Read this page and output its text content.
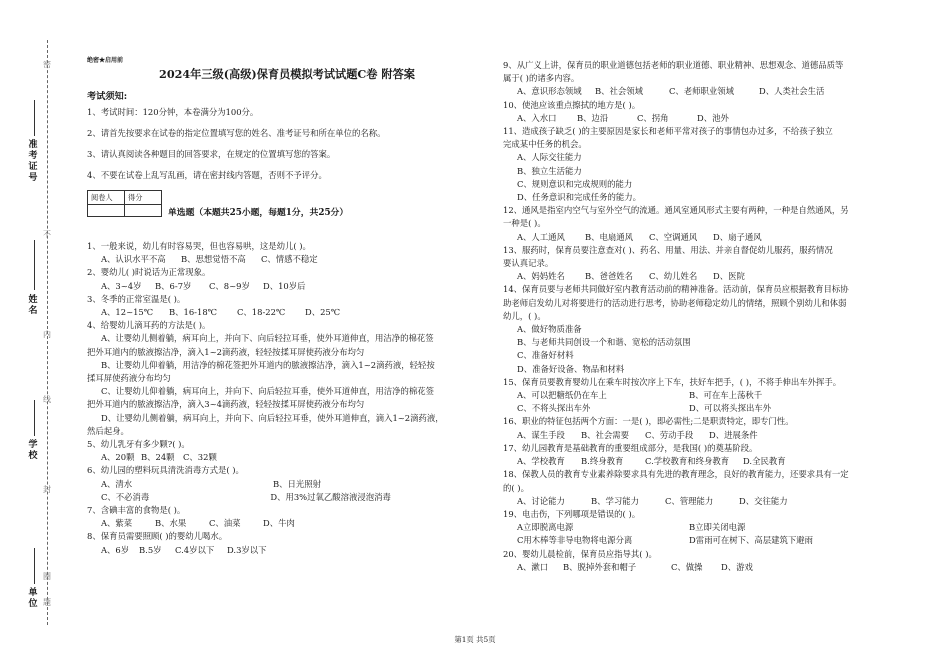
准考证号
姓名
学校
单位
密
不
内
线
封
题
圈
绝密★启用前
2024年三级(高级)保育员模拟考试试题C卷 附答案
考试须知:

1、考试时间：120分钟，本卷满分为100分。

2、请首先按要求在试卷的指定位置填写您的姓名、准考证号和所在单位的名称。

3、请认真阅读各种题目的回答要求，在规定的位置填写您的答案。

4、不要在试卷上乱写乱画，请在密封线内答题，否则不予评分。

阅卷人	得分

单选题（本题共25小题，每题1分，共25分）

1、一般来说，幼儿有时容易哭，但也容易哄，这是幼儿( )。

A、认识水平不高	B、思想觉悟不高	C、情感不稳定

2、婴幼儿( )时说话为正常现象。

A、3~4岁	B、6-7岁	C、8~9岁	D、10岁后

3、冬季的正常室温是( )。

A、12~15℃	B、16-18℃	C、18-22℃	D、25℃

4、给婴幼儿滴耳药的方法是( )。

A、让婴幼儿侧着躺，病耳向上，并向下、向后轻拉耳垂，使外耳道伸直，用洁净的棉花签

把外耳道内的脓液擦洁净，滴入1~2滴药液，轻轻按揉耳屏使药液分布均匀

B、让婴幼儿仰着躺，用洁净的棉花签把外耳道内的脓液擦洁净，滴入1~2滴药液，轻轻按

揉耳屏使药液分布均匀

C、让婴幼儿仰着躺，病耳向上，并向下、向后轻拉耳垂，使外耳道伸直，用洁净的棉花签

把外耳道内的脓液擦洁净，滴入3~4滴药液，轻轻按揉耳屏使药液分布均匀

D、让婴幼儿侧着躺，病耳向上，并向下、向后轻拉耳垂，使外耳道伸直，滴入1~2滴药液，

然后起身。

5、幼儿乳牙有多少颗?( )。

A、20颗 B、24颗	C、32颗

6、幼儿园的塑料玩具清洗消毒方式是( )。

A、清水	B、日光照射
C、不必消毒	D、用3%过氧乙酸溶液浸泡消毒

7、含碘丰富的食物是( )。

A、紫菜	B、水果	C、油菜	D、牛肉

8、保育员需要照顾( )的婴幼儿喝水。

A、6岁	B.5岁	C.4岁以下	D.3岁以下

9、从广义上讲，保育员的职业道德包括老师的职业道德、职业精神、思想观念、道德品质等

属于( )的诸多内容。

A、意识形态领域	B、社会领域	C、老师职业领域	D、人类社会生活

10、使池应该重点擦拭的地方是( )。

A、入水口	B、边沿	C、拐角	D、池外

11、造成孩子缺乏( )的主要原因是家长和老师平常对孩子的事情包办过多，不给孩子独立

完成某中任务的机会。

A、人际交往能力

B、独立生活能力

C、规则意识和完成规则的能力

D、任务意识和完成任务的能力。

12、通风是指室内空气与室外空气的流通。通风室通风形式主要有两种，一种是自然通风，另

一种是( )。

A、人工通风	B、电扇通风	C、空调通风	D、扇子通风

13、服药时，保育员要注意查对( )、药名、用量、用法、并亲自督促幼儿服药，服药情况

要认真记录。

A、妈妈姓名	B、爸爸姓名	C、幼儿姓名	D、医院

14、保育员要与老师共同做好室内教育活动前的精神准备。活动前，保育员应根据教育目标协

助老师启发幼儿对将要进行的活动进行思考，协助老师稳定幼儿的情绪，照顾个别幼儿和体弱

幼儿，( )。

A、做好物质准备

B、与老师共同创设一个和谐、宽松的活动氛围

C、准备好材料

D、准备好设备、物品和材料

15、保育员要教育婴幼儿在乘车时按次序上下车，扶好车把手，( )，不将手伸出车外挥手。

A、可以把糖纸仍在车上	B、可在车上荡秋千
C、不将头探出车外	D、可以将头探出车外

16、职业的特征包括两个方面：一是( )，即必需性;二是职责特定，即专门性。

A、谋生手段	B、社会需要	C、劳动手段	D、进展条件

17、幼儿园教育是基础教育的重要组成部分，是我国( )的奠基阶段。

A、学校教育	B.终身教育	C.学校教育和终身教育	D.全民教育

18、保教人员的教育专业素养除要求具有先进的教育理念，良好的教育能力，还要求具有一定

的( )。

A、讨论能力	B、学习能力	C、管理能力	D、交往能力

19、电击伤，下列哪项是错误的( )。

A立即脱离电源	B立即关闭电源
C用木棒等非导电物将电源分离	D雷雨可在树下、高层建筑下避雨

20、婴幼儿晨检前，保育员应指导其( )。

A、漱口	B、脱掉外套和帽子	C、做操	D、游戏
第1页 共5页
